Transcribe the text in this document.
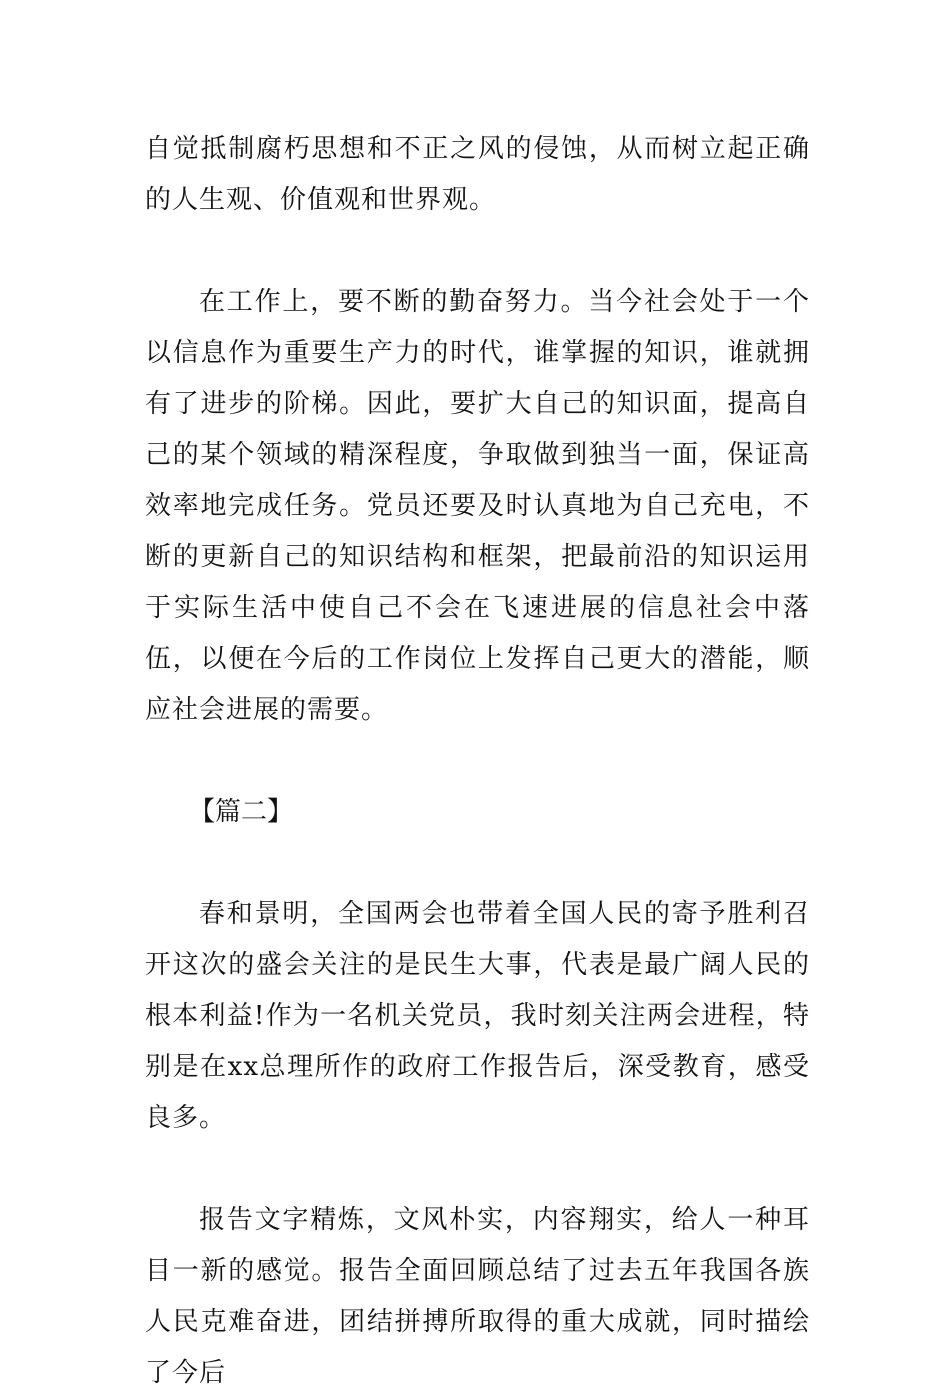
自觉抵制腐朽思想和不正之风的侵蚀，从而树立起正确的人生观、价值观和世界观。

在工作上，要不断的勤奋努力。当今社会处于一个以信息作为重要生产力的时代，谁掌握的知识，谁就拥有了进步的阶梯。因此，要扩大自己的知识面，提高自己的某个领域的精深程度，争取做到独当一面，保证高效率地完成任务。党员还要及时认真地为自己充电，不断的更新自己的知识结构和框架，把最前沿的知识运用于实际生活中使自己不会在飞速进展的信息社会中落伍，以便在今后的工作岗位上发挥自己更大的潜能，顺应社会进展的需要。

【篇二】

春和景明，全国两会也带着全国人民的寄予胜利召开这次的盛会关注的是民生大事，代表是最广阔人民的根本利益!作为一名机关党员，我时刻关注两会进程，特别是在xx总理所作的政府工作报告后，深受教育，感受良多。

报告文字精炼，文风朴实，内容翔实，给人一种耳目一新的感觉。报告全面回顾总结了过去五年我国各族人民克难奋进，团结拼搏所取得的重大成就，同时描绘了今后
